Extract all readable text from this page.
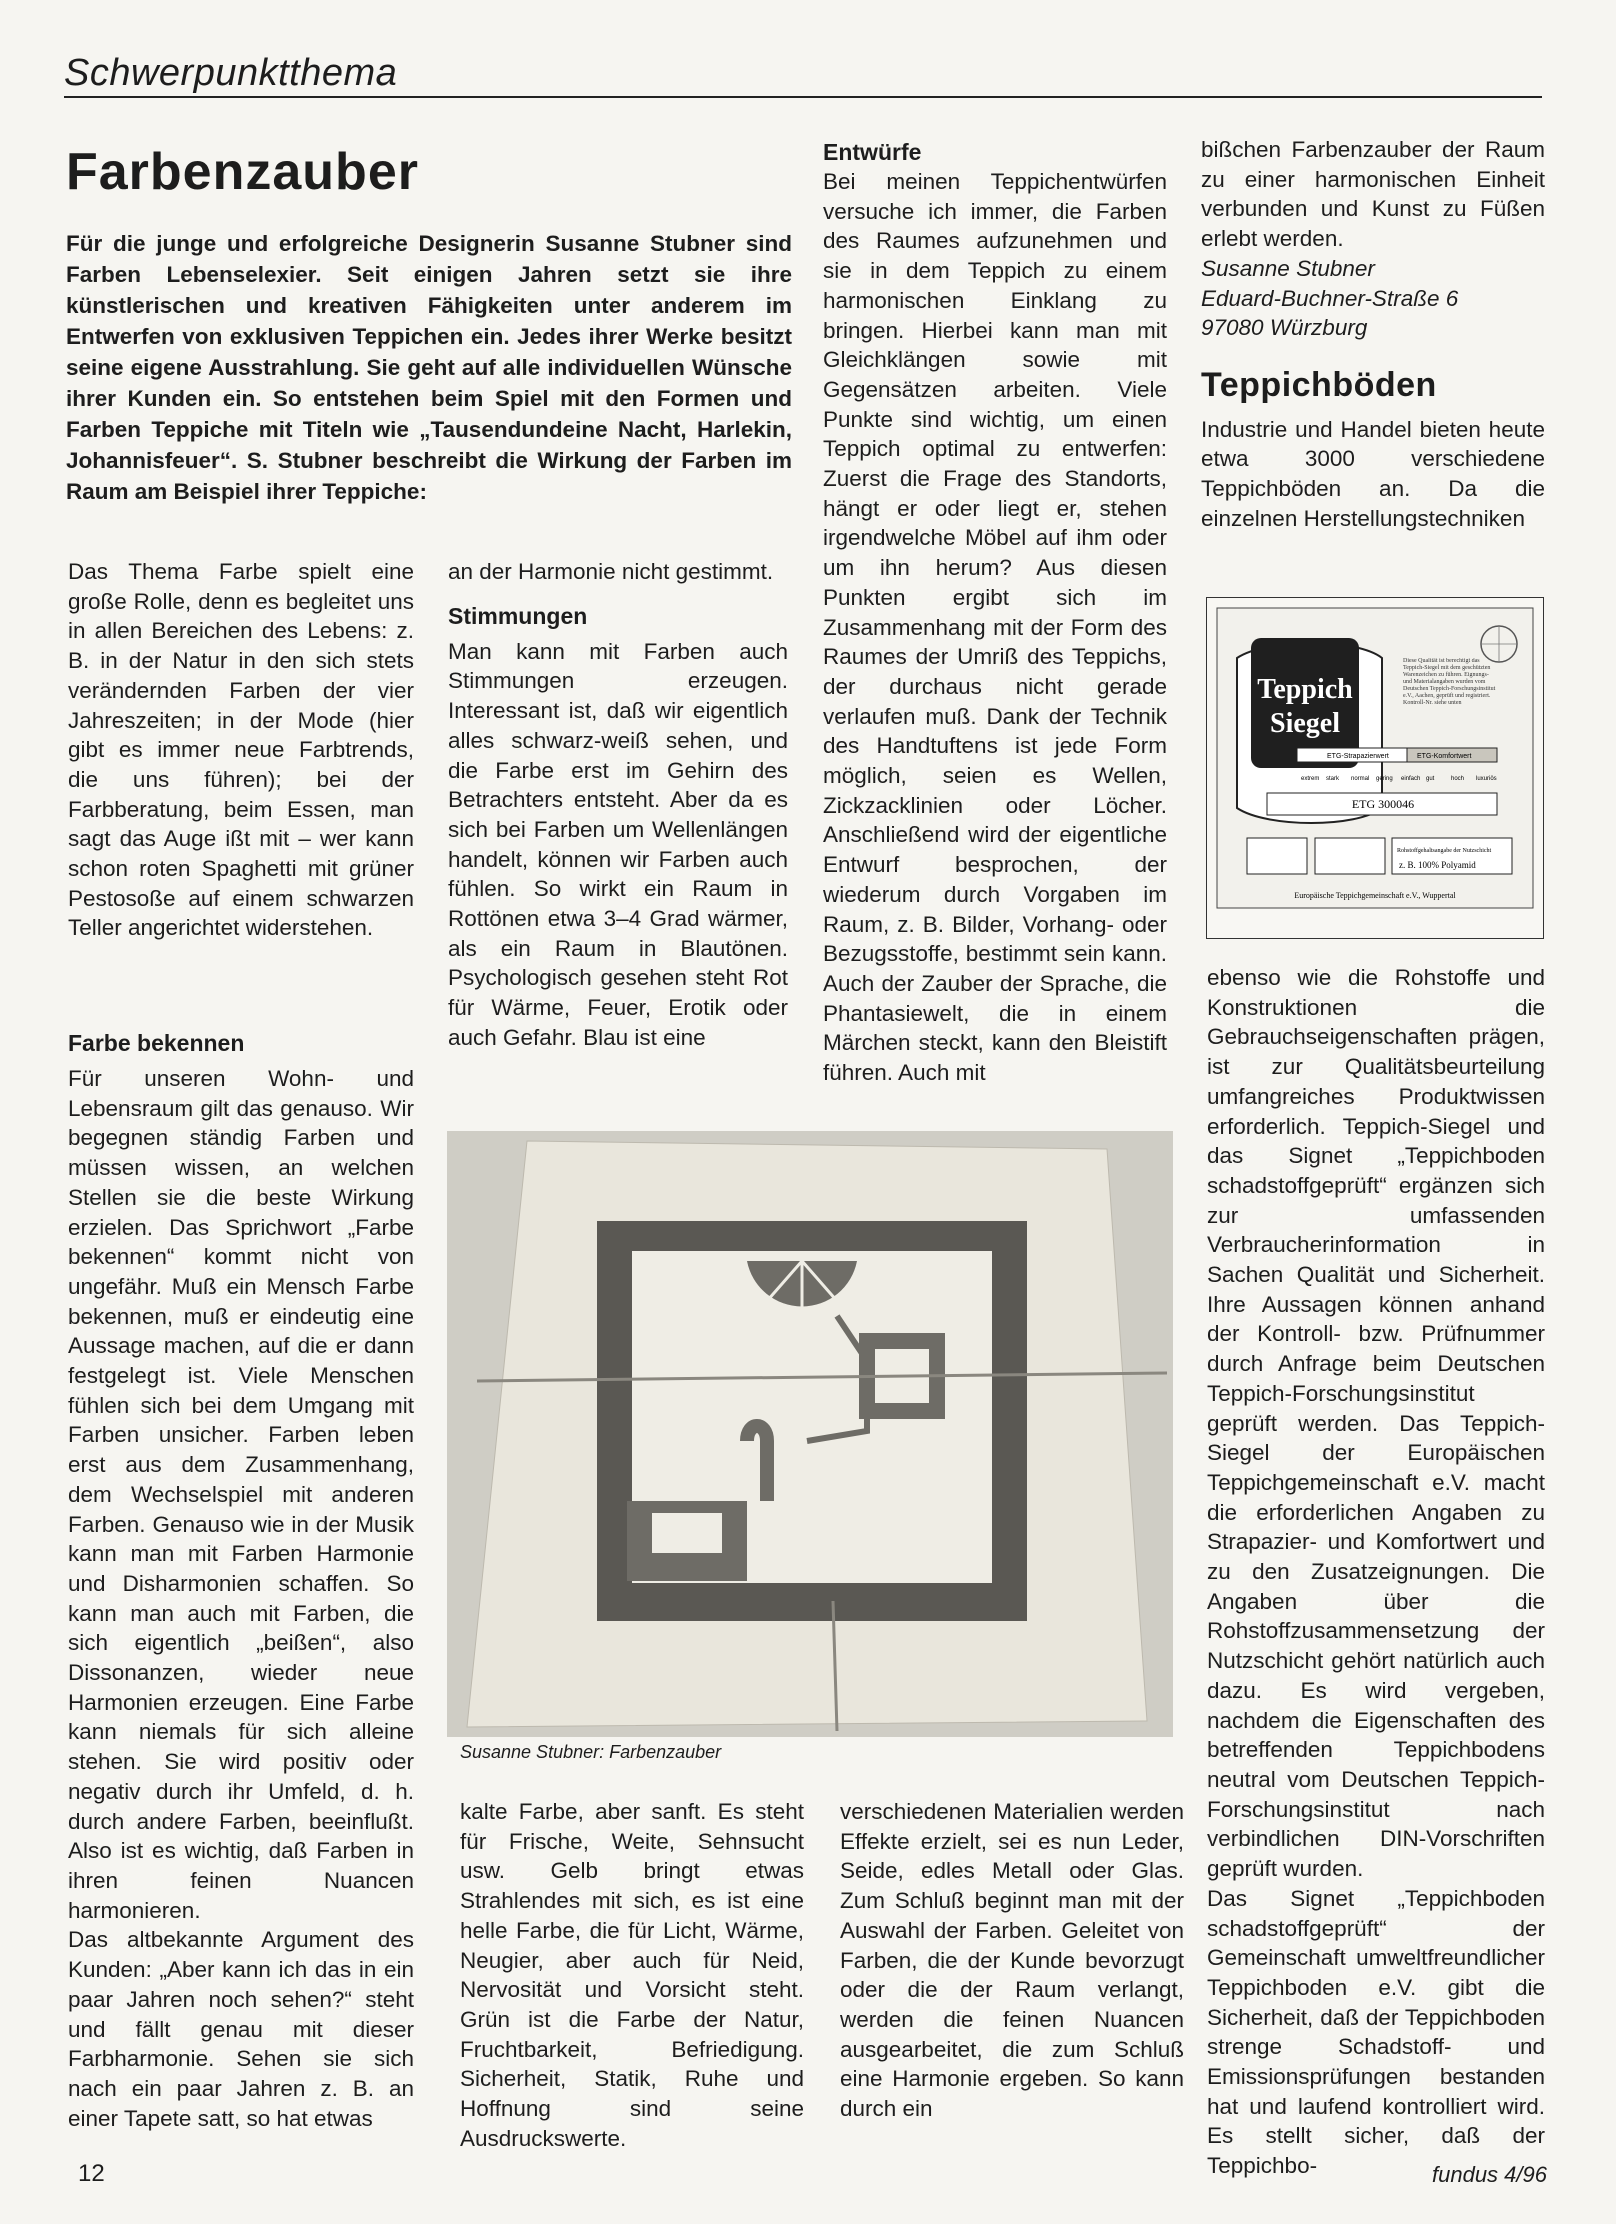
Schwerpunktthema
Farbenzauber

Für die junge und erfolgreiche Designerin Susanne Stubner sind Farben Lebenselexier. Seit einigen Jahren setzt sie ihre künstlerischen und kreativen Fähigkeiten unter anderem im Entwerfen von exklusiven Teppichen ein. Jedes ihrer Werke besitzt seine eigene Ausstrahlung. Sie geht auf alle individuellen Wünsche ihrer Kunden ein. So entstehen beim Spiel mit den Formen und Farben Teppiche mit Titeln wie „Tausendundeine Nacht, Harlekin, Johannisfeuer“. S. Stubner beschreibt die Wirkung der Farben im Raum am Beispiel ihrer Teppiche:

Das Thema Farbe spielt eine große Rolle, denn es begleitet uns in allen Bereichen des Lebens: z. B. in der Natur in den sich stets verändernden Farben der vier Jahreszeiten; in der Mode (hier gibt es immer neue Farbtrends, die uns führen); bei der Farbberatung, beim Essen, man sagt das Auge ißt mit – wer kann schon roten Spaghetti mit grüner Pestosoße auf einem schwarzen Teller angerichtet widerstehen.

Farbe bekennen

Für unseren Wohn- und Lebensraum gilt das genauso. Wir begegnen ständig Farben und müssen wissen, an welchen Stellen sie die beste Wirkung erzielen. Das Sprichwort „Farbe bekennen“ kommt nicht von ungefähr. Muß ein Mensch Farbe bekennen, muß er eindeutig eine Aussage machen, auf die er dann festgelegt ist. Viele Menschen fühlen sich bei dem Umgang mit Farben unsicher. Farben leben erst aus dem Zusammenhang, dem Wechselspiel mit anderen Farben. Genauso wie in der Musik kann man mit Farben Harmonie und Disharmonien schaffen. So kann man auch mit Farben, die sich eigentlich „beißen“, also Dissonanzen, wieder neue Harmonien erzeugen. Eine Farbe kann niemals für sich alleine stehen. Sie wird positiv oder negativ durch ihr Umfeld, d. h. durch andere Farben, beeinflußt. Also ist es wichtig, daß Farben in ihren feinen Nuancen harmonieren.

Das altbekannte Argument des Kunden: „Aber kann ich das in ein paar Jahren noch sehen?“ steht und fällt genau mit dieser Farbharmonie. Sehen sie sich nach ein paar Jahren z. B. an einer Tapete satt, so hat etwas

an der Harmonie nicht gestimmt.

Stimmungen

Man kann mit Farben auch Stimmungen erzeugen. Interessant ist, daß wir eigentlich alles schwarz-weiß sehen, und die Farbe erst im Gehirn des Betrachters entsteht. Aber da es sich bei Farben um Wellenlängen handelt, können wir Farben auch fühlen. So wirkt ein Raum in Rottönen etwa 3–4 Grad wärmer, als ein Raum in Blautönen. Psychologisch gesehen steht Rot für Wärme, Feuer, Erotik oder auch Gefahr. Blau ist eine

kalte Farbe, aber sanft. Es steht für Frische, Weite, Sehnsucht usw. Gelb bringt etwas Strahlendes mit sich, es ist eine helle Farbe, die für Licht, Wärme, Neugier, aber auch für Neid, Nervosität und Vorsicht steht. Grün ist die Farbe der Natur, Fruchtbarkeit, Befriedigung. Sicherheit, Statik, Ruhe und Hoffnung sind seine Ausdruckswerte.

Entwürfe

Bei meinen Teppichentwürfen versuche ich immer, die Farben des Raumes aufzunehmen und sie in dem Teppich zu einem harmonischen Einklang zu bringen. Hierbei kann man mit Gleichklängen sowie mit Gegensätzen arbeiten. Viele Punkte sind wichtig, um einen Teppich optimal zu entwerfen: Zuerst die Frage des Standorts, hängt er oder liegt er, stehen irgendwelche Möbel auf ihm oder um ihn herum? Aus diesen Punkten ergibt sich im Zusammenhang mit der Form des Raumes der Umriß des Teppichs, der durchaus nicht gerade verlaufen muß. Dank der Technik des Handtuftens ist jede Form möglich, seien es Wellen, Zickzacklinien oder Löcher. Anschließend wird der eigentliche Entwurf besprochen, der wiederum durch Vorgaben im Raum, z. B. Bilder, Vorhang- oder Bezugsstoffe, bestimmt sein kann. Auch der Zauber der Sprache, die Phantasiewelt, die in einem Märchen steckt, kann den Bleistift führen. Auch mit

verschiedenen Materialien werden Effekte erzielt, sei es nun Leder, Seide, edles Metall oder Glas. Zum Schluß beginnt man mit der Auswahl der Farben. Geleitet von Farben, die der Kunde bevorzugt oder die der Raum verlangt, werden die feinen Nuancen ausgearbeitet, die zum Schluß eine Harmonie ergeben. So kann durch ein

bißchen Farbenzauber der Raum zu einer harmonischen Einheit verbunden und Kunst zu Füßen erlebt werden.

Susanne Stubner

Eduard-Buchner-Straße 6

97080 Würzburg

Teppichböden

Industrie und Handel bieten heute etwa 3000 verschiedene Teppichböden an. Da die einzelnen Herstellungstechniken

Teppich
Siegel
ETG-Strapazierwert	ETG-Komfortwert
extrem stark normal gering einfach gut	hoch luxuriös
ETG 300046
Rohstoffgehaltsangabe der Nutzschicht
z. B. 100% Polyamid
Europäische Teppichgemeinschaft e.V., Wuppertal
Diese Qualität ist berechtigt das Teppich-Siegel mit dem geschützten Warenzeichen zu führen. Eignungs- und Materialangaben wurden vom Deutschen Teppich-Forschungsinstitut e.V., Aachen, geprüft und registriert. Kontroll-Nr. siehe unten

ebenso wie die Rohstoffe und Konstruktionen die Gebrauchseigenschaften prägen, ist zur Qualitätsbeurteilung umfangreiches Produktwissen erforderlich. Teppich-Siegel und das Signet „Teppichboden schadstoffgeprüft“ ergänzen sich zur umfassenden Verbraucherinformation in Sachen Qualität und Sicherheit. Ihre Aussagen können anhand der Kontroll- bzw. Prüfnummer durch Anfrage beim Deutschen Teppich-Forschungsinstitut geprüft werden. Das Teppich-Siegel der Europäischen Teppichgemeinschaft e.V. macht die erforderlichen Angaben zu Strapazier- und Komfortwert und zu den Zusatzeignungen. Die Angaben über die Rohstoffzusammensetzung der Nutzschicht gehört natürlich auch dazu. Es wird vergeben, nachdem die Eigenschaften des betreffenden Teppichbodens neutral vom Deutschen Teppich-Forschungsinstitut nach verbindlichen DIN-Vorschriften geprüft wurden.

Das Signet „Teppichboden schadstoffgeprüft“ der Gemeinschaft umweltfreundlicher Teppichboden e.V. gibt die Sicherheit, daß der Teppichboden strenge Schadstoff- und Emissionsprüfungen bestanden hat und laufend kontrolliert wird. Es stellt sicher, daß der Teppichbo-

Susanne Stubner: Farbenzauber
12	fundus 4/96
